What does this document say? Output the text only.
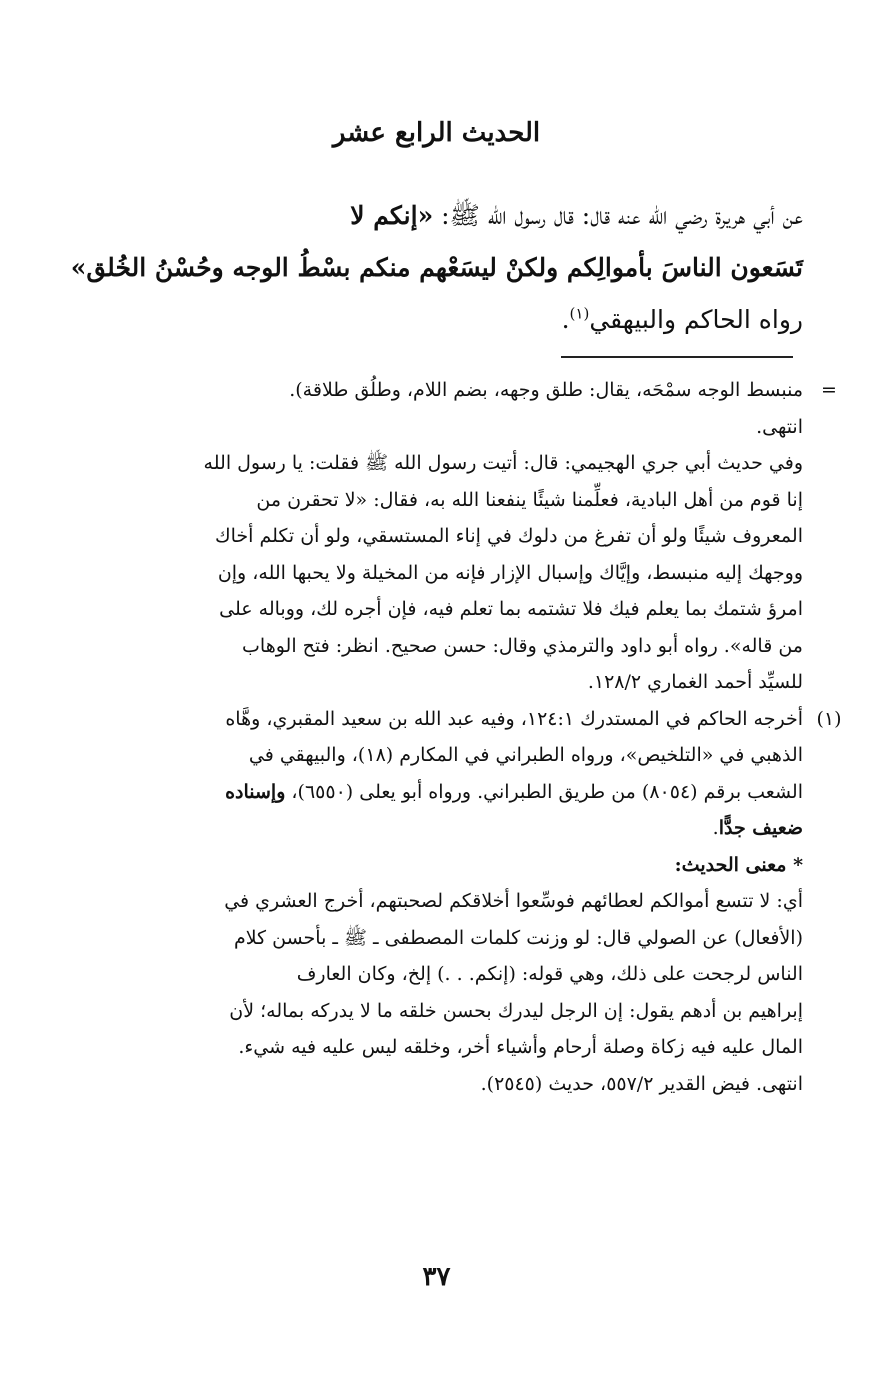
الحديث الرابع عشر
عن أبي هريرة رضي الله عنه قال: قال رسول الله ﷺ: «إنكم لا
تَسَعون الناسَ بأموالِكم ولكنْ ليسَعْهم منكم بسْطُ الوجه وحُسْنُ الخُلق»
رواه الحاكم والبيهقي$^{(١)}$.
=
منبسط الوجه سمْحَه، يقال: طلق وجهه، بضم اللام، وطلُق طلاقة).
انتهى.
وفي حديث أبي جري الهجيمي: قال: أتيت رسول الله ﷺ فقلت: يا رسول الله
إنا قوم من أهل البادية، فعلِّمنا شيئًا ينفعنا الله به، فقال: «لا تحقرن من
المعروف شيئًا ولو أن تفرغ من دلوك في إناء المستسقي، ولو أن تكلم أخاك
ووجهك إليه منبسط، وإيَّاك وإسبال الإزار فإنه من المخيلة ولا يحبها الله، وإن
امرؤ شتمك بما يعلم فيك فلا تشتمه بما تعلم فيه، فإن أجره لك، ووباله على
من قاله». رواه أبو داود والترمذي وقال: حسن صحيح. انظر: فتح الوهاب
للسيِّد أحمد الغماري ١٢٨/٢.
(١)
أخرجه الحاكم في المستدرك ١٢٤:١، وفيه عبد الله بن سعيد المقبري، وهَّاه
الذهبي في «التلخيص»، ورواه الطبراني في المكارم (١٨)، والبيهقي في
الشعب برقم (٨٠٥٤) من طريق الطبراني. ورواه أبو يعلى (٦٥٥٠)، وإسناده
ضعيف جدًّا.
* معنى الحديث:
أي: لا تتسع أموالكم لعطائهم فوسِّعوا أخلاقكم لصحبتهم، أخرج العشري في
(الأفعال) عن الصولي قال: لو وزنت كلمات المصطفى ـ ﷺ ـ بأحسن كلام
الناس لرجحت على ذلك، وهي قوله: (إنكم. . .) إلخ، وكان العارف
إبراهيم بن أدهم يقول: إن الرجل ليدرك بحسن خلقه ما لا يدركه بماله؛ لأن
المال عليه فيه زكاة وصلة أرحام وأشياء أخر، وخلقه ليس عليه فيه شيء.
انتهى. فيض القدير ٥٥٧/٢، حديث (٢٥٤٥).
٣٧
